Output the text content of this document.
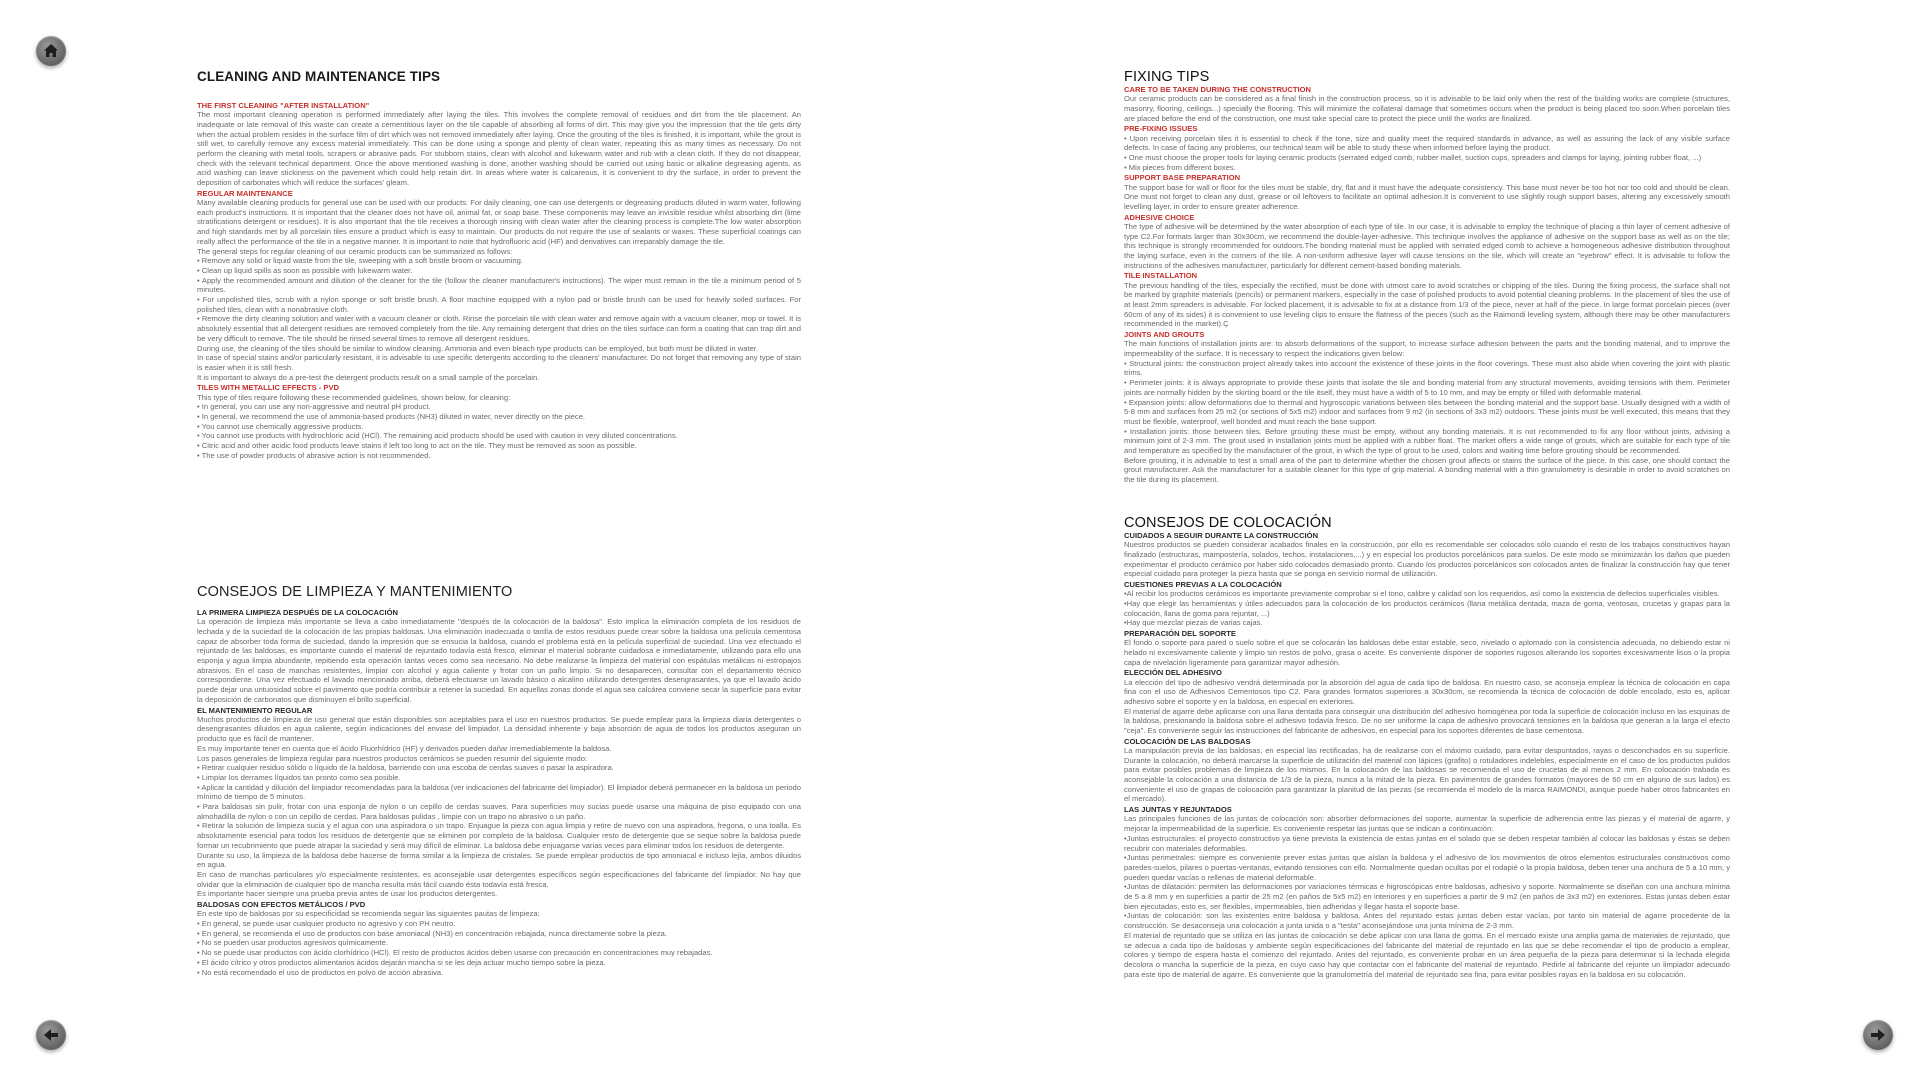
CLEANING AND MAINTENANCE TIPS
THE FIRST CLEANING "AFTER INSTALLATION"
The most important cleaning operation is performed immediately after laying the tiles. This involves the complete removal of residues and dirt from the tile placement. An inadequate or late removal of this waste can create a cementitious layer on the tile capable of absorbing all forms of dirt. This may give you the impression that the tile gets dirty when the actual problem resides in the surface film of dirt which was not removed immediately after laying. Once the grouting of the tiles is finished, it is important, while the grout is still wet, to carefully remove any excess material immediately. This can be done using a sponge and plenty of clean water, repeating this as many times as necessary. Do not perform the cleaning with metal tools, scrapers or abrasive pads. For stubborn stains, clean with alcohol and lukewarm water and rub with a clean cloth. If they do not disappear, check with the relevant technical department. Once the above mentioned washing is done, another washing should be carried out using basic or alkaline degreasing agents, as acid washing can leave stickiness on the pavement which could help retain dirt. In areas where water is calcareous, it is convenient to dry the surface, in order to prevent the deposition of carbonates which will reduce the surfaces' gleam.
REGULAR MAINTENANCE
Many available cleaning products for general use can be used with our products. For daily cleaning, one can use detergents or degreasing products diluted in warm water, following each product's instructions. It is important that the cleaner does not have oil, animal fat, or soap base. These components may leave an invisible residue whilst absorbing dirt (lime stratifications detergent or residues). It is also important that the tile receives a thorough rinsing with clean water after the cleaning process is complete.The low water absorption and high standards met by all porcelain tiles ensure a product which is easy to maintain. Our products do not require the use of sealants or waxes. These superficial coatings can really affect the performance of the tile in a negative manner. It is important to note that hydrofluoric acid (HF) and derivatives can irreparably damage the tile.
The general steps for regular cleaning of our ceramic products can be summarized as follows:
• Remove any solid or liquid waste from the tile, sweeping with a soft bristle broom or vacuuming.
• Clean up liquid spills as soon as possible with lukewarm water.
• Apply the recommended amount and dilution of the cleaner for the tile (follow the cleaner manufacturer's instructions). The wiper must remain in the tile a minimum period of 5 minutes.
• For unpolished tiles, scrub with a nylon sponge or soft bristle brush. A floor machine equipped with a nylon pad or bristle brush can be used for heavily soiled surfaces. For polished tiles, clean with a nonabrasive cloth.
• Remove the dirty cleaning solution and water with a vacuum cleaner or cloth. Rinse the porcelain tile with clean water and remove again with a vacuum cleaner, mop or towel. It is absolutely essential that all detergent residues are removed completely from the tile. Any remaining detergent that dries on the tiles surface can form a coating that can trap dirt and be very difficult to remove. The tile should be rinsed several times to remove all detergent residues.
During use, the cleaning of the tiles should be similar to window cleaning. Ammonia and even bleach type products can be employed, but both must be diluted in water.
In case of special stains and/or particularly resistant, it is advisable to use specific detergents according to the cleaners' manufacturer. Do not forget that removing any type of stain is easier when it is still fresh.
It is important to always do a pre-test the detergent products result on a small sample of the porcelain.
TILES WITH METALLIC EFFECTS - PVD
This type of tiles require following these recommended guidelines, shown below, for cleaning:
• In general, you can use any non-aggressive and neutral pH product.
• In general, we recommend the use of ammonia-based products (NH3) diluted in water, never directly on the piece.
• You cannot use chemically aggressive products.
• You cannot use products with hydrochloric acid (HCl). The remaining acid products should be used with caution in very diluted concentrations.
• Citric acid and other acidic food products leave stains if left too long to act on the tile. They must be removed as soon as possible.
• The use of powder products of abrasive action is not recommended.
CONSEJOS DE LIMPIEZA Y MANTENIMIENTO
LA PRIMERA LIMPIEZA DESPUÉS DE LA COLOCACIÓN
La operación de limpieza más importante se lleva a cabo inmediatamente "después de la colocación de la baldosa". Esto implica la eliminación completa de los residuos de lechada y de la suciedad de la colocación de las propias baldosas. Una eliminación inadecuada o tardía de estos residuos puede crear sobre la baldosa una película cementosa capaz de absorber toda forma de suciedad, dando la impresión que se ensucia la baldosa, cuando el problema está en la película superficial de suciedad. Una vez efectuado el rejuntado de las baldosas, es importante cuando el material de rejuntado todavía está fresco, eliminar el material sobrante cuidadosa e inmediatamente, utilizando para ello una esponja y agua limpia abundante, repitiendo esta operación tantas veces como sea necesario. No debe realizarse la limpieza del material con espátulas metálicas ni estropajos abrasivos. En el caso de manchas resistentes, limpiar con alcohol y agua caliente y frotar con un paño limpio. Si no desaparecen, consultar con el departamento técnico correspondiente. Una vez efectuado el lavado mencionado arriba, deberá efectuarse un lavado básico o alcalino utilizando detergentes desengrasantes, ya que el lavado ácido puede dejar una untuosidad sobre el pavimento que podría contribuir a retener la suciedad. En aquellas zonas donde el agua sea calcárea conviene secar la superficie para evitar la deposición de carbonatos que disminuyen el brillo superficial.
EL MANTENIMIENTO REGULAR
Muchos productos de limpieza de uso general que están disponibles son aceptables para el uso en nuestros productos. Se puede emplear para la limpieza diaria detergentes o desengrasantes diluidos en agua caliente, según indicaciones del envase del limpiador. La densidad inherente y baja absorción de agua de todos los productos aseguran un producto que es fácil de mantener.
Es muy importante tener en cuenta que el ácido Fluorhídrico (HF) y derivados pueden dañar irremediablemente la baldosa.
Los pasos generales de limpieza regular para nuestros productos cerámicos se pueden resumir del siguiente modo:
• Retirar cualquier residuo sólido o líquido de la baldosa, barriendo con una escoba de cerdas suaves o pasar la aspiradora.
• Limpiar los derrames líquidos tan pronto como sea posible.
• Aplicar la cantidad y dilución del limpiador recomendadas para la baldosa (ver indicaciones del fabricante del limpiador). El limpiador deberá permanecer en la baldosa un periodo mínimo de tiempo de 5 minutos.
• Para baldosas sin pulir, frotar con una esponja de nylon o un cepillo de cerdas suaves. Para superficies muy sucias puede usarse una máquina de piso equipado con una almohadilla de nylon o con un cepillo de cerdas. Para baldosas pulidas , limpie con un trapo no abrasivo o un paño.
• Retirar la solución de limpieza sucia y el agua con una aspiradora o un trapo. Enjuague la pieza con agua limpia y retire de nuevo con una aspiradora, fregona, o una toalla. Es absolutamente esencial para todos los residuos de detergente que se eliminen por completo de la baldosa. Cualquier resto de detergente que se seque sobre la baldosa puede formar un recubrimiento que puede atrapar la suciedad y será muy difícil de eliminar. La baldosa debe enjuagarse varias veces para eliminar todos los residuos de detergente.
Durante su uso, la limpieza de la baldosa debe hacerse de forma similar a la limpieza de cristales. Se puede emplear productos de tipo amoniacal e incluso lejía, ambos diluidos en agua.
En caso de manchas particulares y/o especialmente resistentes, es aconsejable usar detergentes específicos según especificaciones del fabricante del limpiador. No hay que olvidar que la eliminación de cualquier tipo de mancha resulta más fácil cuando ésta todavía está fresca.
Es importante hacer siempre una prueba previa antes de usar los productos detergentes.
BALDOSAS CON EFECTOS METÁLICOS / PVD
En este tipo de baldosas por su especificidad se recomienda seguir las siguientes pautas de limpieza:
• En general, se puede usar cualquier producto no agresivo y con PH neutro.
• En general, se recomienda el uso de productos con base amoniacal (NH3) en concentración rebajada, nunca directamente sobre la pieza.
• No se pueden usar productos agresivos químicamente.
• No se puede usar productos con ácido clorhídrico (HCl). El resto de productos ácidos deben usarse con precaución en concentraciones muy rebajadas.
• El ácido cítrico y otros productos alimentarios ácidos dejarán mancha si se les deja actuar mucho tiempo sobre la pieza.
• No está recomendado el uso de productos en polvo de acción abrasiva.
FIXING TIPS
CARE TO BE TAKEN DURING THE CONSTRUCTION
Our ceramic products can be considered as a final finish in the construction process, so it is advisable to be laid only when the rest of the building works are complete (structures, masonry, flooring, ceilings...) specially the flooring. This will minimize the collateral damage that sometimes occurs when the product is being placed too soon.When porcelain tiles are placed before the end of the construction, one must take special care to protect the piece until the works are finalized.
PRE-FIXING ISSUES
• Upon receiving porcelain tiles it is essential to check if the tone, size and quality meet the required standards in advance, as well as assuring the lack of any visible surface defects. In case of facing any problems, our technical team will be able to study these when informed before laying the product.
• One must choose the proper tools for laying ceramic products (serrated edged comb, rubber mallet, suction cups, spreaders and clamps for laying, jointing rubber float, ...)
• Mix pieces from different boxes.
SUPPORT BASE PREPARATION
The support base for wall or floor for the tiles must be stable, dry, flat and it must have the adequate consistency. This base must never be too hot nor too cold and should be clean. One must not forget to clean any dust, grease or oil leftovers to facilitate an optimal adhesion.It is convenient to use slightly rough support bases, altering any excessively smooth levelling layer, in order to ensure greater adherence.
ADHESIVE CHOICE
The type of adhesive will be determined by the water absorption of each type of tile. In our case, it is advisable to employ the technique of placing a thin layer of cement adhesive of type C2.For formats larger than 30x30cm, we recommend the double-layer-adhesive. This technique involves the appliance of adhesive on the support base as well as on the tile; this technique is strongly recommended for outdoors.The bonding material must be applied with serrated edged comb to achieve a homogeneous adhesive distribution throughout the laying surface, even in the corners of the tile. A non-uniform adhesive layer will cause tensions on the tile, which will create an "eyebrow" effect. It is advisable to follow the instructions of the adhesives manufacturer, particularly for different cement-based bonding materials.
TILE INSTALLATION
The previous handling of the tiles, especially the rectified, must be done with utmost care to avoid scratches or chipping of the tiles. During the fixing process, the surface shall not be marked by graphite materials (pencils) or permanent markers, especially in the case of polished products to avoid potential cleaning problems. In the placement of tiles the use of at least 2mm spreaders is advisable. For locked placement, it is advisable to fix at a distance from 1/3 of the piece, never at half of the piece. In large format porcelain pieces (over 60cm of any of its sides) it is convenient to use leveling clips to ensure the flatness of the pieces (such as the Raimondi leveling system, although there may be other manufacturers recommended in the market).Ç
JOINTS AND GROUTS
The main functions of installation joints are: to absorb deformations of the support, to increase surface adhesion between the parts and the bonding material, and to improve the impermeability of the surface. It is necessary to respect the indications given below:
• Structural joints: the construction project already takes into account the existence of these joints in the floor coverings. These must also abide when covering the joint with plastic trims.
• Perimeter joints: it is always appropriate to provide these joints that isolate the tile and bonding material from any structural movements, avoiding tensions with them. Perimeter joints are normally hidden by the skirting board or the tile itself, they must have a width of 5 to 10 mm, and may be empty or filled with deformable material.
• Expansion joints: allow deformations due to thermal and hygroscopic variations between tiles between the bonding material and the support base. Usually designed with a width of 5-8 mm and surfaces from 25 m2 (or sections of 5x5 m2) indoor and surfaces from 9 m2 (in sections of 3x3 m2) outdoors. These joints must be well executed, this means that they must be flexible, waterproof, well bonded and must reach the base support.
• Installation joints: those between tiles. Before grouting these must be empty, without any bonding materials. It is not recommended to fix any floor without joints, advising a minimum joint of 2-3 mm. The grout used in installation joints must be applied with a rubber float. The market offers a wide range of grouts, which are suitable for each type of tile and temperature as specified by the manufacturer of the grout, in which the type of grout to be used, colors and waiting time before grouting should be recommended.
Before grouting, it is advisable to test a small area of the part to determine whether the chosen grout affects or stains the surface of the piece. In this case, one should contact the grout manufacturer. Ask the manufacturer for a suitable cleaner for this type of grip material. A bonding material with a thin granulometry is desirable in order to avoid scratches on the tile during its placement.
CONSEJOS DE COLOCACIÓN
CUIDADOS A SEGUIR DURANTE LA CONSTRUCCIÓN
Nuestros productos se pueden considerar acabados finales en la construcción, por ello es recomendable ser colocados sólo cuando el resto de los trabajos constructivos hayan finalizado (estructuras, mampostería, solados, techos, instalaciones,...) y en especial los productos porcelánicos para suelos. De este modo se minimizarán los daños que pueden experimentar el producto cerámico por haber sido colocados demasiado pronto. Cuando los productos porcelánicos son colocados antes de finalizar la construcción hay que tener especial cuidado para proteger la pieza hasta que se ponga en servicio normal de utilización.
CUESTIONES PREVIAS A LA COLOCACIÓN
•Al recibir los productos cerámicos es importante previamente comprobar si el tono, calibre y calidad son los requeridos, así como la existencia de defectos superficiales visibles.
•Hay que elegir las herramientas y útiles adecuados para la colocación de los productos cerámicos (llana metálica dentada, maza de goma, ventosas, crucetas y grapas para la colocación, llana de goma para rejuntar, ...)
•Hay que mezclar piezas de varias cajas.
PREPARACIÓN DEL SOPORTE
El fondo o soporte para pared o suelo sobre el que se colocarán las baldosas debe estar estable, seco, nivelado o aplomado con la consistencia adecuada, no debiendo estar ni helado ni excesivamente caliente y limpio sin restos de polvo, grasa o aceite. Es conveniente disponer de soportes rugosos alterando los soportes excesivamente lisos o la propia capa de nivelación ligeramente para garantizar mayor adhesión.
ELECCIÓN DEL ADHESIVO
La elección del tipo de adhesivo vendrá determinada por la absorción del agua de cada tipo de baldosa. En nuestro caso, se aconseja emplear la técnica de colocación en capa fina con el uso de Adhesivos Cementosos tipo C2. Para grandes formatos superiores a 30x30cm, se recomienda la técnica de colocación de doble encolado, esto es, aplicar adhesivo sobre el soporte y en la baldosa, en especial en exteriores.
El material de agarre debe aplicarse con una llana dentada para conseguir una distribución del adhesivo homogénea por toda la superficie de colocación incluso en las esquinas de la baldosa, presionando la baldosa sobre el adhesivo todavía fresco. De no ser uniforme la capa de adhesivo provocará tensiones en la baldosa que generan a la larga el efecto "ceja". Es conveniente seguir las instrucciones del fabricante de adhesivos, en especial para los soportes diferentes de base cementosa.
COLOCACIÓN DE LAS BALDOSAS
La manipulación previa de las baldosas, en especial las rectificadas, ha de realizarse con el máximo cuidado, para evitar despuntados, rayas o desconchados en su superficie. Durante la colocación, no deberá marcarse la superficie de utilización del material con lápices (grafito) o rotuladores indelebles, especialmente en el caso de los productos pulidos para evitar posibles problemas de limpieza de los mismos. En la colocación de las baldosas se recomienda el uso de crucetas de al menos 2 mm. En colocación trabada es aconsejable la colocación a una distancia de 1/3 de la pieza, nunca a la mitad de la pieza. En pavimentos de grandes formatos (mayores de 60 cm en alguno de sus lados) es conveniente el uso de grapas de colocación para garantizar la planitud de las piezas (se recomienda el modelo de la marca RAIMONDI, aunque puede haber otros fabricantes en el mercado).
LAS JUNTAS Y REJUNTADOS
Las principales funciones de las juntas de colocación son: absorber deformaciones del soporte, aumentar la superficie de adherencia entre las piezas y el material de agarre, y mejorar la impermeabilidad de la superficie. Es conveniente respetar las juntas que se indican a continuación:
•Juntas estructurales: el proyecto constructivo ya tiene prevista la existencia de estas juntas en el solado que se deben respetar también al colocar las baldosas y éstas se deben recubrir con materiales deformables.
•Juntas perimetrales: siempre es conveniente prever estas juntas que aíslan la baldosa y el adhesivo de los movimientos de otros elementos estructurales constructivos como paredes-suelos, pilares o puertas-ventanas, evitando tensiones con ello. Normalmente quedan ocultas por el rodapié o la propia baldosa, deben tener una anchura de 5 a 10 mm, y pueden quedar vacías o rellenas de material deformable.
•Juntas de dilatación: permiten las deformaciones por variaciones térmicas e higroscópicas entre baldosas, adhesivo y soporte. Normalmente se diseñan con una anchura mínima de 5 a 8 mm y en superficies a partir de 25 m2 (en paños de 5x5 m2) en interiores y en superficies a partir de 9 m2 (en paños de 3x3 m2) en exteriores. Estas juntas deben estar bien ejecutadas, esto es, ser flexibles, impermeables, bien adheridas y llegar hasta el soporte base.
•Juntas de colocación: son las existentes entre baldosa y baldosa. Antes del rejuntado estas juntas deben estar vacías, por tanto sin material de agarre procedente de la construcción. Se desaconseja una colocación a junta unida o a "testa" aconsejándose una junta mínima de 2-3 mm.
El material de rejuntado que se utiliza en las juntas de colocación se debe aplicar con una llana de goma. En el mercado existe una amplia gama de materiales de rejuntado, que se adecua a cada tipo de baldosas y ambiente según especificaciones del fabricante del material de rejuntado en las que se debe recomendar el tipo de producto a emplear, colores y tiempo de espera hasta el comienzo del rejuntado. Antes del rejuntado, es conveniente probar en un área pequeña de la pieza para determinar si la lechada elegida decolora o mancha la superficie de la pieza, en cuyo caso hay que contactar con el fabricante del material de rejuntado. Pedirle al fabricante del rejunte un limpiador adecuado para este tipo de material de agarre. Es conveniente que la granulometría del material de rejuntado sea fina, para evitar posibles rayas en la baldosa en su colocación.
